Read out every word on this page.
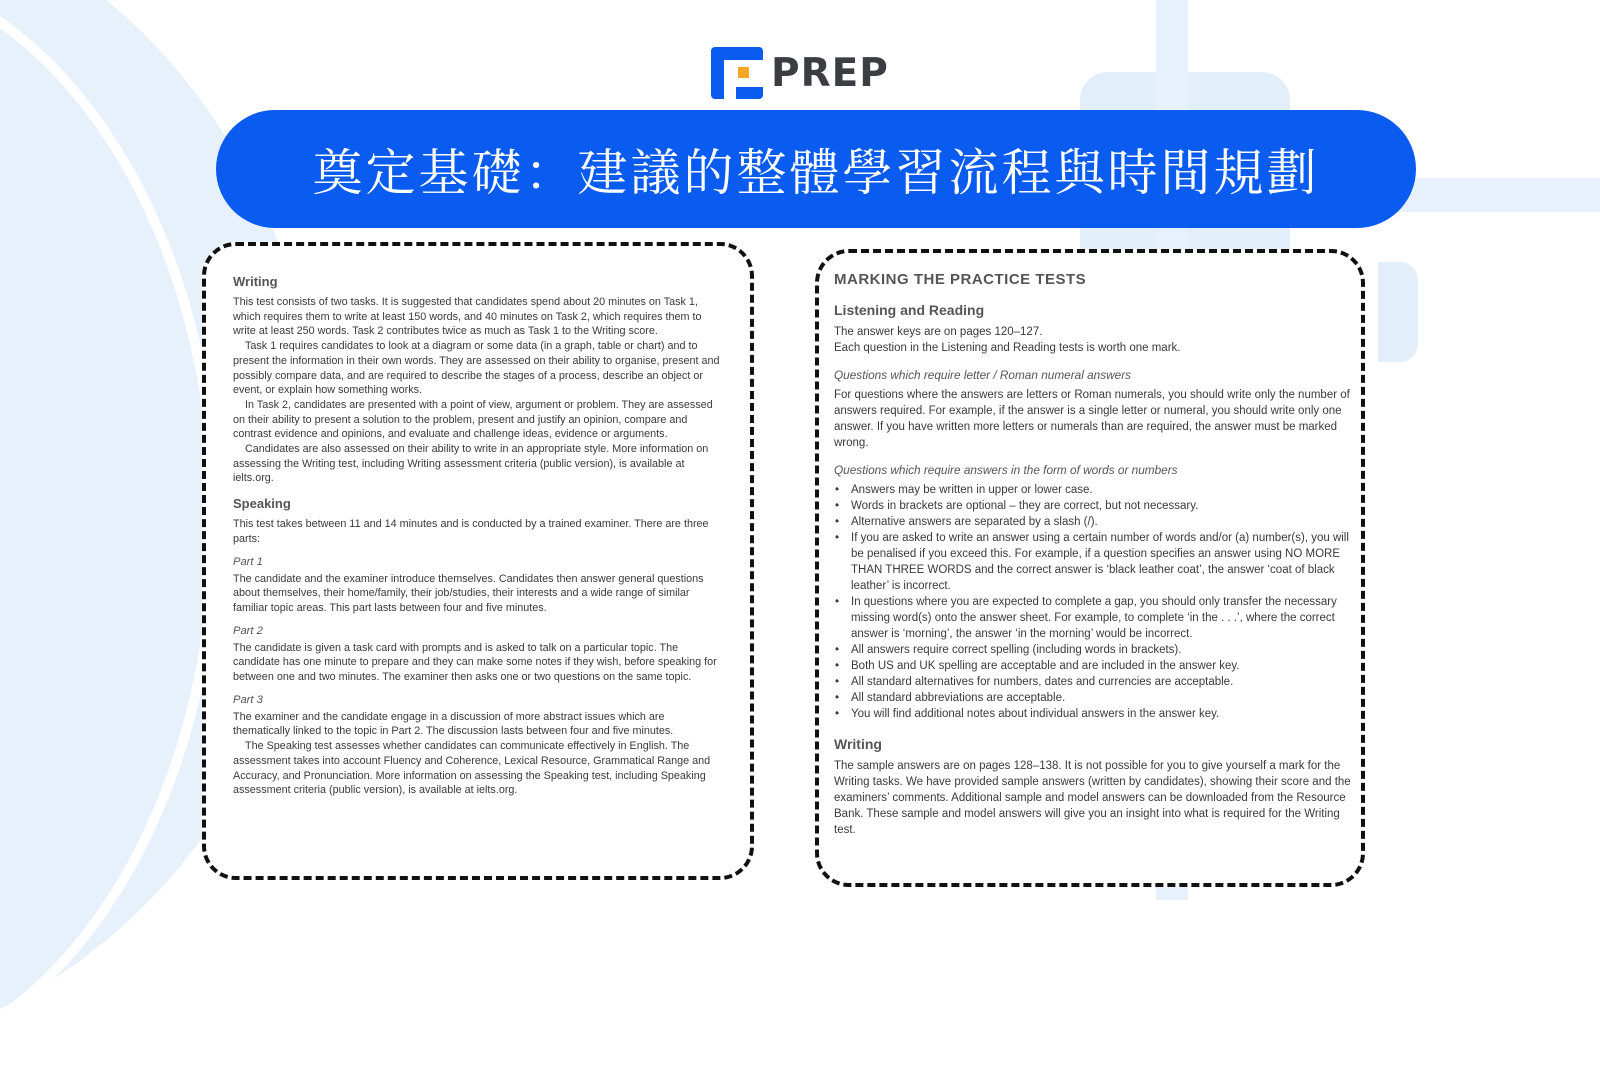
PREP
奠定基礎：建議的整體學習流程與時間規劃
Writing

This test consists of two tasks. It is suggested that candidates spend about 20 minutes on Task 1, which requires them to write at least 150 words, and 40 minutes on Task 2, which requires them to write at least 250 words. Task 2 contributes twice as much as Task 1 to the Writing score.

Task 1 requires candidates to look at a diagram or some data (in a graph, table or chart) and to present the information in their own words. They are assessed on their ability to organise, present and possibly compare data, and are required to describe the stages of a process, describe an object or event, or explain how something works.

In Task 2, candidates are presented with a point of view, argument or problem. They are assessed on their ability to present a solution to the problem, present and justify an opinion, compare and contrast evidence and opinions, and evaluate and challenge ideas, evidence or arguments.

Candidates are also assessed on their ability to write in an appropriate style. More information on assessing the Writing test, including Writing assessment criteria (public version), is available at ielts.org.

Speaking

This test takes between 11 and 14 minutes and is conducted by a trained examiner. There are three parts:

Part 1

The candidate and the examiner introduce themselves. Candidates then answer general questions about themselves, their home/family, their job/studies, their interests and a wide range of similar familiar topic areas. This part lasts between four and five minutes.

Part 2

The candidate is given a task card with prompts and is asked to talk on a particular topic. The candidate has one minute to prepare and they can make some notes if they wish, before speaking for between one and two minutes. The examiner then asks one or two questions on the same topic.

Part 3

The examiner and the candidate engage in a discussion of more abstract issues which are thematically linked to the topic in Part 2. The discussion lasts between four and five minutes.

The Speaking test assesses whether candidates can communicate effectively in English. The assessment takes into account Fluency and Coherence, Lexical Resource, Grammatical Range and Accuracy, and Pronunciation. More information on assessing the Speaking test, including Speaking assessment criteria (public version), is available at ielts.org.

MARKING THE PRACTICE TESTS
Listening and Reading

The answer keys are on pages 120–127.

Each question in the Listening and Reading tests is worth one mark.

Questions which require letter / Roman numeral answers

For questions where the answers are letters or Roman numerals, you should write only the number of answers required. For example, if the answer is a single letter or numeral, you should write only one answer. If you have written more letters or numerals than are required, the answer must be marked wrong.

Questions which require answers in the form of words or numbers
• Answers may be written in upper or lower case.
• Words in brackets are optional – they are correct, but not necessary.
• Alternative answers are separated by a slash (/).
• If you are asked to write an answer using a certain number of words and/or (a) number(s), you will be penalised if you exceed this. For example, if a question specifies an answer using NO MORE THAN THREE WORDS and the correct answer is ‘black leather coat’, the answer ‘coat of black leather’ is incorrect.
• In questions where you are expected to complete a gap, you should only transfer the necessary missing word(s) onto the answer sheet. For example, to complete ‘in the . . .’, where the correct answer is ‘morning’, the answer ‘in the morning’ would be incorrect.
• All answers require correct spelling (including words in brackets).
• Both US and UK spelling are acceptable and are included in the answer key.
• All standard alternatives for numbers, dates and currencies are acceptable.
• All standard abbreviations are acceptable.
• You will find additional notes about individual answers in the answer key.
Writing

The sample answers are on pages 128–138. It is not possible for you to give yourself a mark for the Writing tasks. We have provided sample answers (written by candidates), showing their score and the examiners’ comments. Additional sample and model answers can be downloaded from the Resource Bank. These sample and model answers will give you an insight into what is required for the Writing test.
